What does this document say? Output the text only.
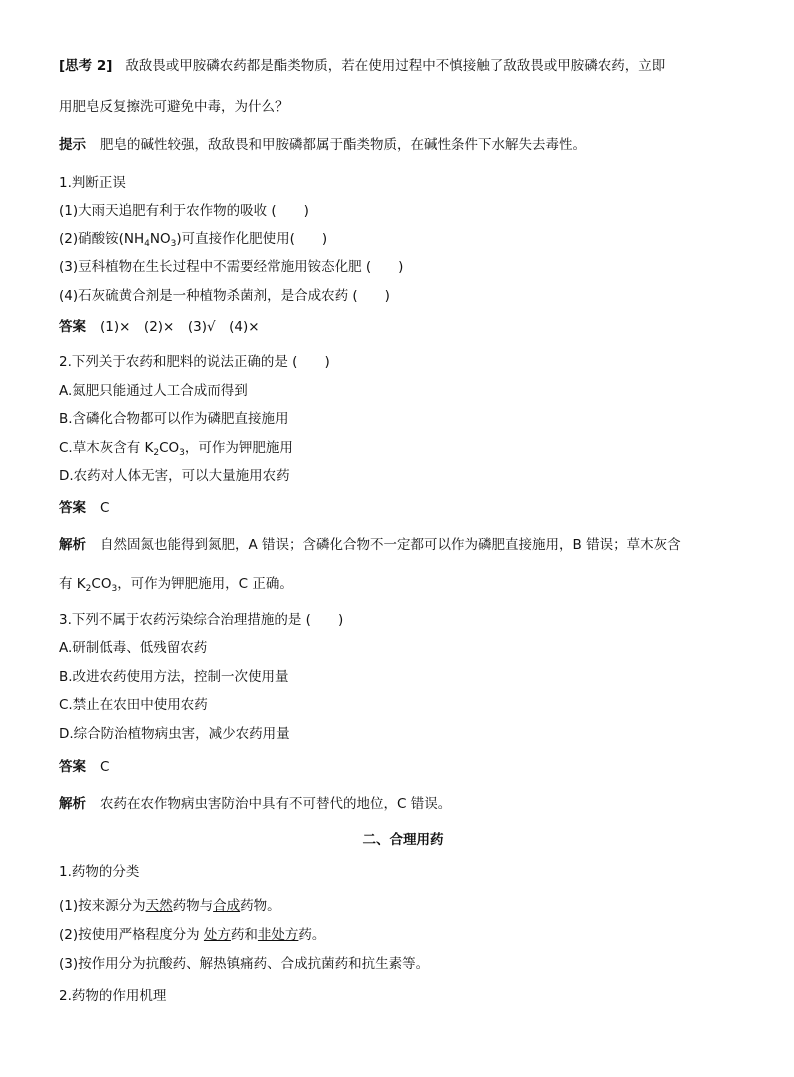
[思考 2] 敌敌畏或甲胺磷农药都是酯类物质，若在使用过程中不慎接触了敌敌畏或甲胺磷农药，立即
用肥皂反复擦洗可避免中毒，为什么？
提示 肥皂的碱性较强，敌敌畏和甲胺磷都属于酯类物质，在碱性条件下水解失去毒性。
1.判断正误
(1)大雨天追肥有利于农作物的吸收 (　　)
(2)硝酸铵$(NH_4NO_3)$可直接作化肥使用(　　)
(3)豆科植物在生长过程中不需要经常施用铵态化肥 (　　)
(4)石灰硫黄合剂是一种植物杀菌剂，是合成农药 (　　)
答案 (1)×　(2)×　(3)√　(4)×
2.下列关于农药和肥料的说法正确的是 (　　)
A.氮肥只能通过人工合成而得到
B.含磷化合物都可以作为磷肥直接施用
C.草木灰含有 $K_2CO_3$，可作为钾肥施用
D.农药对人体无害，可以大量施用农药
答案 C
解析 自然固氮也能得到氮肥，A 错误；含磷化合物不一定都可以作为磷肥直接施用，B 错误；草木灰含
有 $K_2CO_3$，可作为钾肥施用，C 正确。
3.下列不属于农药污染综合治理措施的是 (　　)
A.研制低毒、低残留农药
B.改进农药使用方法，控制一次使用量
C.禁止在农田中使用农药
D.综合防治植物病虫害，减少农药用量
答案 C
解析 农药在农作物病虫害防治中具有不可替代的地位，C 错误。
二、合理用药
1.药物的分类
(1)按来源分为天然药物与合成药物。
(2)按使用严格程度分为 处方药和非处方药。
(3)按作用分为抗酸药、解热镇痛药、合成抗菌药和抗生素等。
2.药物的作用机理
